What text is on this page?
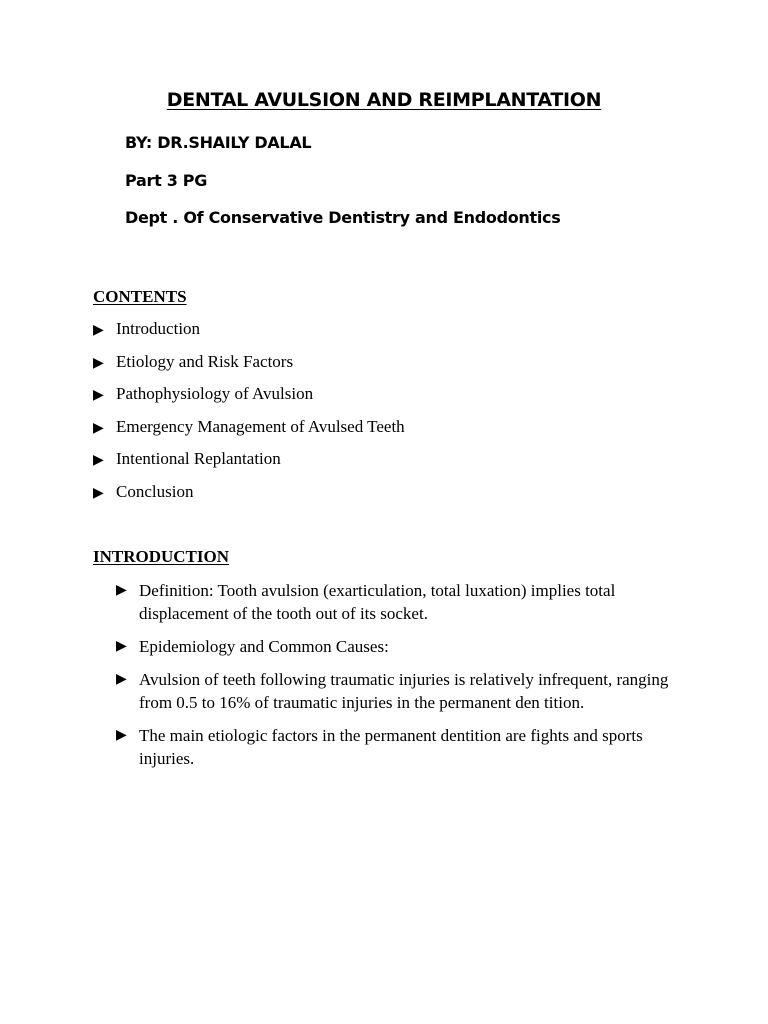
DENTAL AVULSION AND REIMPLANTATION

BY: DR.SHAILY DALAL

Part 3 PG

Dept . Of Conservative Dentistry and Endodontics

CONTENTS
▶ Introduction
▶ Etiology and Risk Factors
▶ Pathophysiology of Avulsion
▶ Emergency Management of Avulsed Teeth
▶ Intentional Replantation
▶ Conclusion
INTRODUCTION
▶ Definition: Tooth avulsion (exarticulation, total luxation) implies total displacement of the tooth out of its socket.
▶ Epidemiology and Common Causes:
▶ Avulsion of teeth following traumatic injuries is relatively infrequent, ranging from 0.5 to 16% of traumatic injuries in the permanent den tition.
▶ The main etiologic factors in the permanent dentition are fights and sports injuries.
